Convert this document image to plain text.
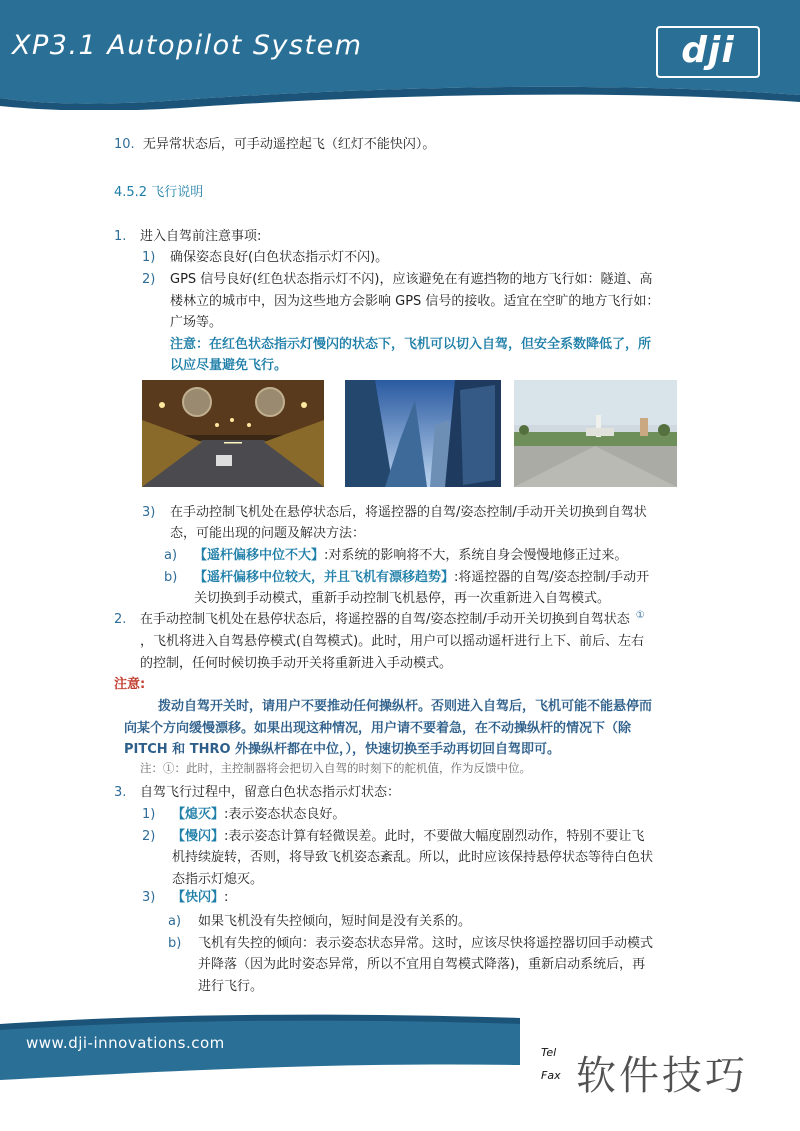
XP3.1 Autopilot System	dji
10. 无异常状态后，可手动遥控起飞（红灯不能快闪）。
4.5.2 飞行说明
1. 进入自驾前注意事项:
1) 确保姿态良好(白色状态指示灯不闪)。
2) GPS 信号良好(红色状态指示灯不闪)，应该避免在有遮挡物的地方飞行如：隧道、高
楼林立的城市中，因为这些地方会影响 GPS 信号的接收。适宜在空旷的地方飞行如：
广场等。
注意：在红色状态指示灯慢闪的状态下，飞机可以切入自驾，但安全系数降低了，所
以应尽量避免飞行。
3) 在手动控制飞机处在悬停状态后，将遥控器的自驾/姿态控制/手动开关切换到自驾状
态，可能出现的问题及解决方法：
a) 【遥杆偏移中位不大】:对系统的影响将不大，系统自身会慢慢地修正过来。
b) 【遥杆偏移中位较大，并且飞机有漂移趋势】:将遥控器的自驾/姿态控制/手动开
关切换到手动模式，重新手动控制飞机悬停，再一次重新进入自驾模式。
2. 在手动控制飞机处在悬停状态后，将遥控器的自驾/姿态控制/手动开关切换到自驾状态 ①
，飞机将进入自驾悬停模式(自驾模式)。此时，用户可以摇动遥杆进行上下、前后、左右
的控制，任何时候切换手动开关将重新进入手动模式。
注意:
拨动自驾开关时，请用户不要推动任何操纵杆。否则进入自驾后，飞机可能不能悬停而
向某个方向缓慢漂移。如果出现这种情况，用户请不要着急，在不动操纵杆的情况下（除
PITCH 和 THRO 外操纵杆都在中位，），快速切换至手动再切回自驾即可。
注：①：此时，主控制器将会把切入自驾的时刻下的舵机值，作为反馈中位。
3. 自驾飞行过程中，留意白色状态指示灯状态：
1) 【熄灭】:表示姿态状态良好。
2) 【慢闪】:表示姿态计算有轻微误差。此时，不要做大幅度剧烈动作，特别不要让飞
机持续旋转，否则，将导致飞机姿态紊乱。所以，此时应该保持悬停状态等待白色状
态指示灯熄灭。
3) 【快闪】:
a) 如果飞机没有失控倾向，短时间是没有关系的。
b) 飞机有失控的倾向：表示姿态状态异常。这时，应该尽快将遥控器切回手动模式
并降落（因为此时姿态异常，所以不宜用自驾模式降落)，重新启动系统后，再
进行飞行。
www.dji-innovations.com
Tel
Fax 软件技巧
